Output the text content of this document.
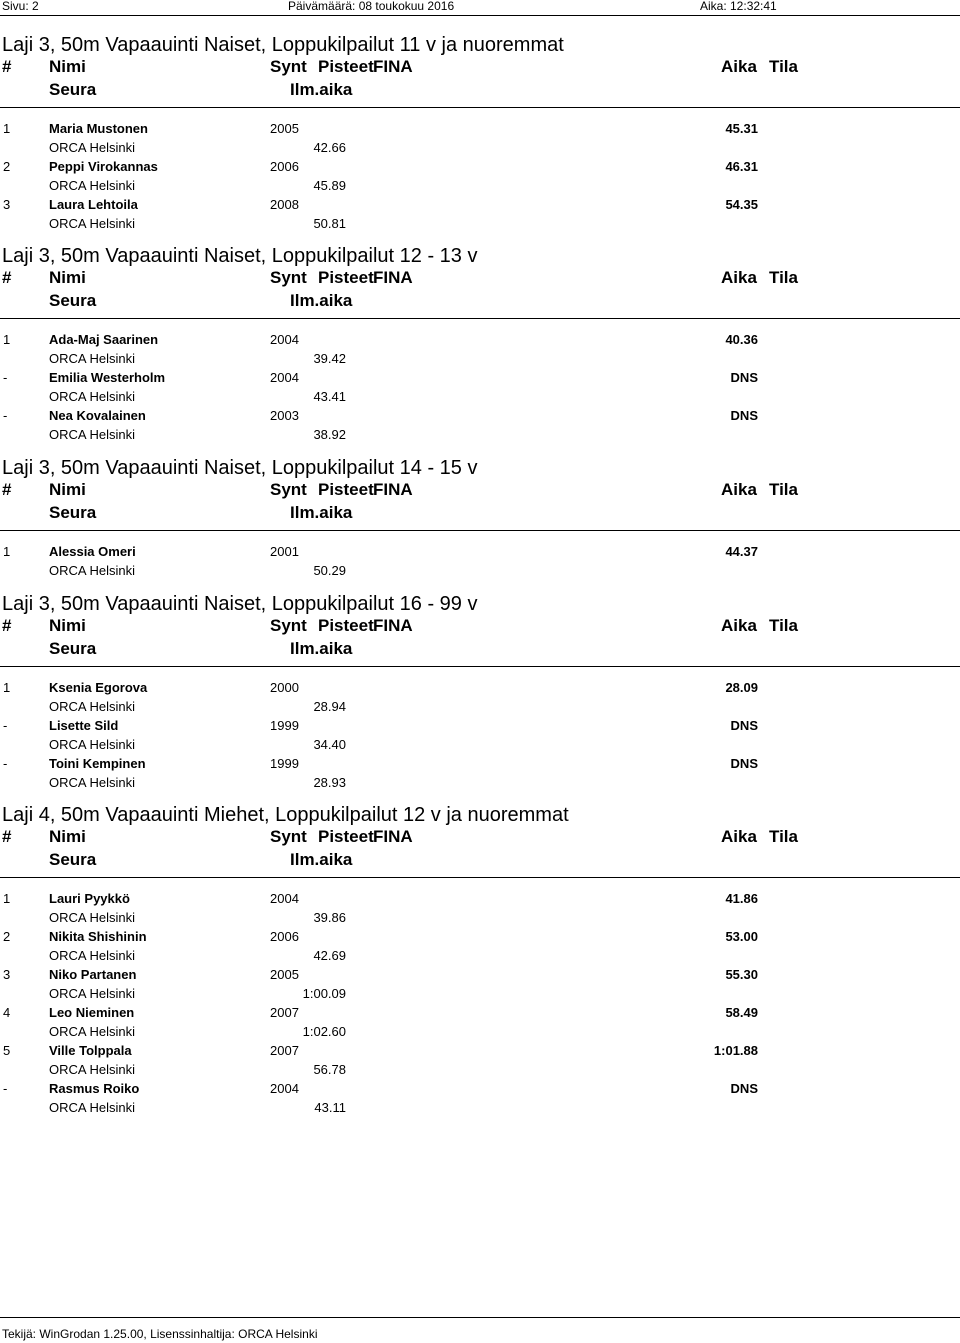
Sivu: 2	Päivämäärä: 08 toukokuu 2016	Aika: 12:32:41
Laji 3, 50m Vapaauinti Naiset, Loppukilpailut 11 v ja nuoremmat
# Nimi	Synt Pisteet FINA	Aika Tila
Seura	Ilm.aika
1	Maria Mustonen	2005	45.31
ORCA Helsinki	42.66
2	Peppi Virokannas	2006	46.31
ORCA Helsinki	45.89
3	Laura Lehtoila	2008	54.35
ORCA Helsinki	50.81
Laji 3, 50m Vapaauinti Naiset, Loppukilpailut 12 - 13 v
# Nimi	Synt Pisteet FINA	Aika Tila
Seura	Ilm.aika
1	Ada-Maj Saarinen	2004	40.36
ORCA Helsinki	39.42
-	Emilia Westerholm	2004	DNS
ORCA Helsinki	43.41
-	Nea Kovalainen	2003	DNS
ORCA Helsinki	38.92
Laji 3, 50m Vapaauinti Naiset, Loppukilpailut 14 - 15 v
# Nimi	Synt Pisteet FINA	Aika Tila
Seura	Ilm.aika
1	Alessia Omeri	2001	44.37
ORCA Helsinki	50.29
Laji 3, 50m Vapaauinti Naiset, Loppukilpailut 16 - 99 v
# Nimi	Synt Pisteet FINA	Aika Tila
Seura	Ilm.aika
1	Ksenia Egorova	2000	28.09
ORCA Helsinki	28.94
-	Lisette Sild	1999	DNS
ORCA Helsinki	34.40
-	Toini Kempinen	1999	DNS
ORCA Helsinki	28.93
Laji 4, 50m Vapaauinti Miehet, Loppukilpailut 12 v ja nuoremmat
# Nimi	Synt Pisteet FINA	Aika Tila
Seura	Ilm.aika
1	Lauri Pyykkö	2004	41.86
ORCA Helsinki	39.86
2	Nikita Shishinin	2006	53.00
ORCA Helsinki	42.69
3	Niko Partanen	2005	55.30
ORCA Helsinki	1:00.09
4	Leo Nieminen	2007	58.49
ORCA Helsinki	1:02.60
5	Ville Tolppala	2007	1:01.88
ORCA Helsinki	56.78
-	Rasmus Roiko	2004	DNS
ORCA Helsinki	43.11
Tekijä: WinGrodan 1.25.00, Lisenssinhaltija: ORCA Helsinki
